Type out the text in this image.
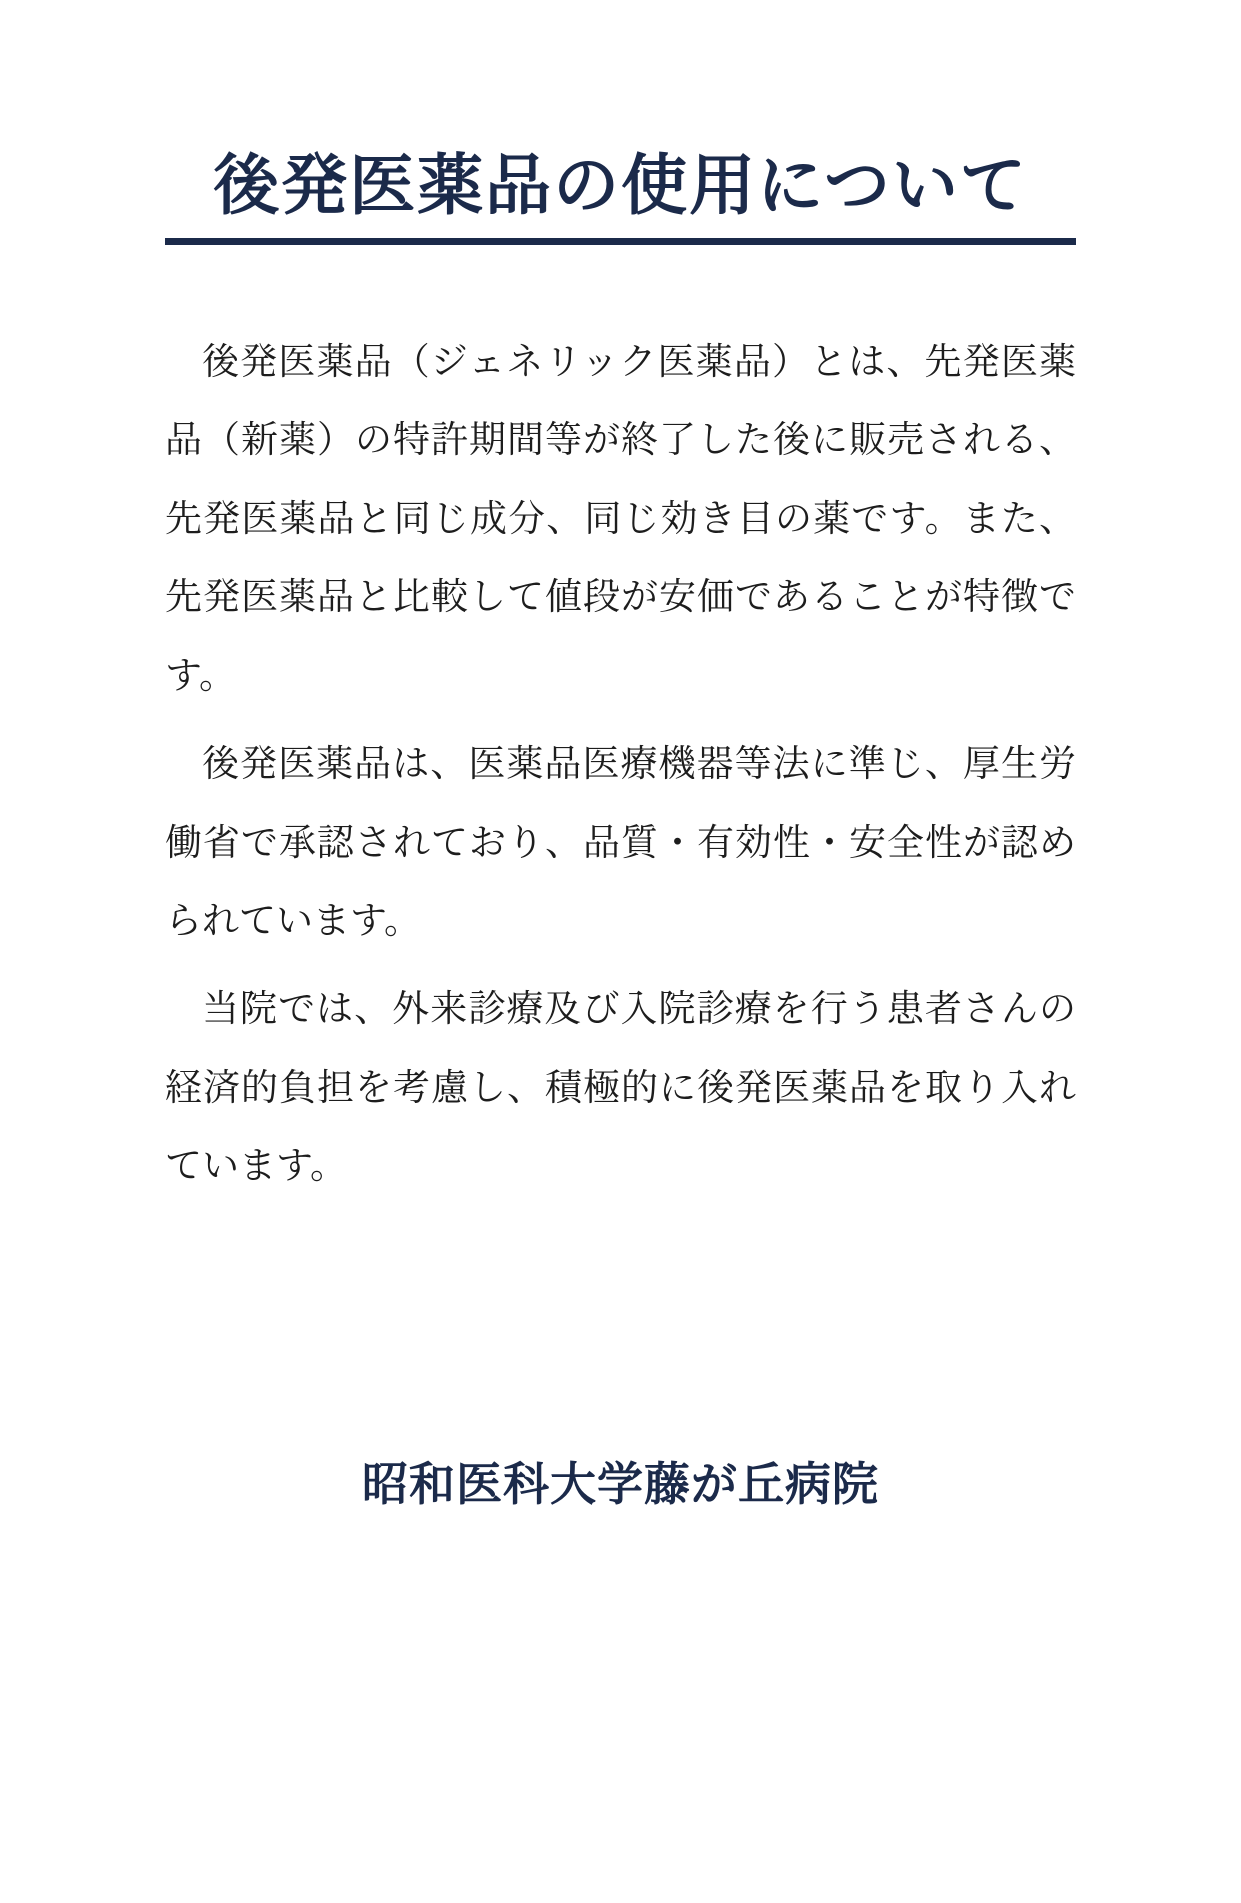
後発医薬品の使用について

後発医薬品（ジェネリック医薬品）とは、先発医薬品（新薬）の特許期間等が終了した後に販売される、先発医薬品と同じ成分、同じ効き目の薬です。また、先発医薬品と比較して値段が安価であることが特徴です。

後発医薬品は、医薬品医療機器等法に準じ、厚生労働省で承認されており、品質・有効性・安全性が認められています。

当院では、外来診療及び入院診療を行う患者さんの経済的負担を考慮し、積極的に後発医薬品を取り入れています。

昭和医科大学藤が丘病院
